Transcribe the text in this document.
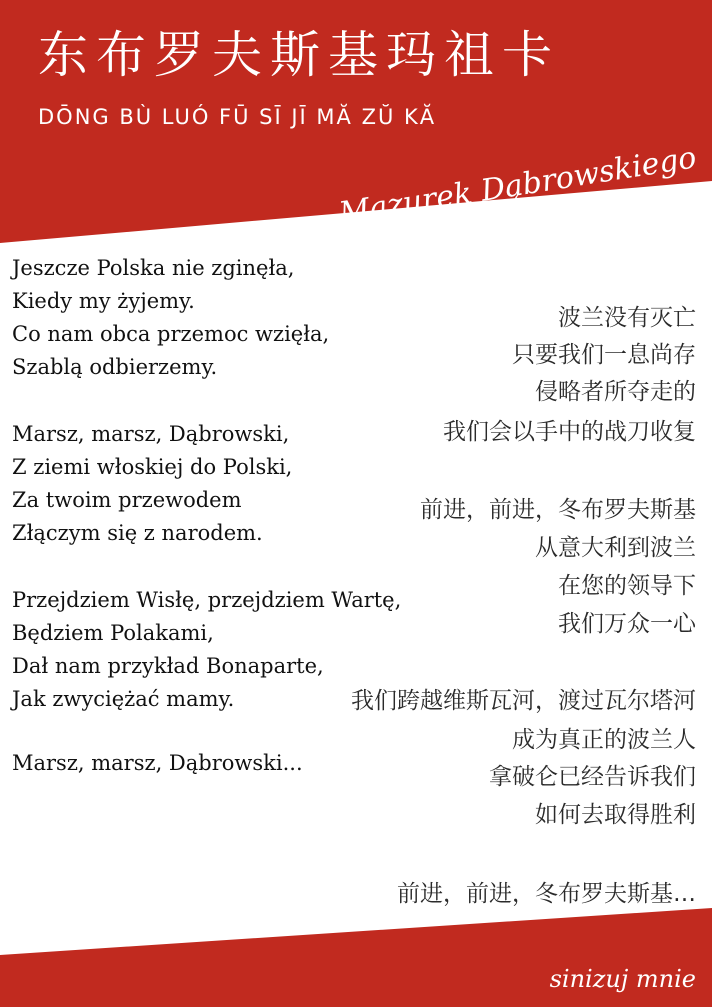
东布罗夫斯基玛祖卡
DŌNG BÙ LUÓ FŪ SĪ JĪ MĂ ZŬ KĂ
Mazurek Dąbrowskiego
Jeszcze Polska nie zginęła,
Kiedy my żyjemy.
Co nam obca przemoc wzięła,
Szablą odbierzemy.
Marsz, marsz, Dąbrowski,
Z ziemi włoskiej do Polski,
Za twoim przewodem
Złączym się z narodem.
Przejdziem Wisłę, przejdziem Wartę,
Będziem Polakami,
Dał nam przykład Bonaparte,
Jak zwyciężać mamy.
Marsz, marsz, Dąbrowski...
波兰没有灭亡
只要我们一息尚存
侵略者所夺走的
我们会以手中的战刀收复
前进，前进，冬布罗夫斯基
从意大利到波兰
在您的领导下
我们万众一心
我们跨越维斯瓦河，渡过瓦尔塔河
成为真正的波兰人
拿破仑已经告诉我们
如何去取得胜利
前进，前进，冬布罗夫斯基…
sinizuj mnie
